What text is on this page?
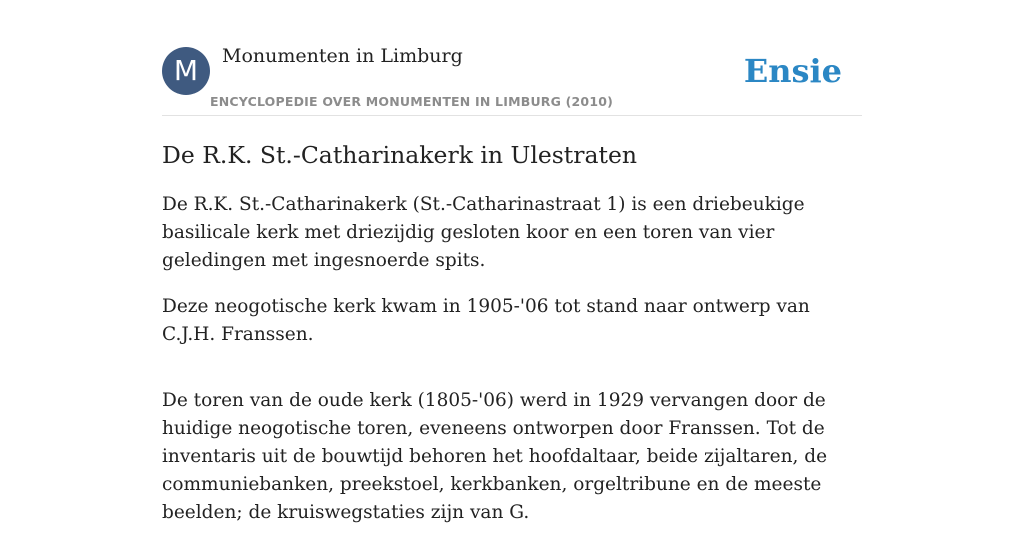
M	Monumenten in Limburg
ENCYCLOPEDIE OVER MONUMENTEN IN LIMBURG (2010)
Ensie
De R.K. St.-Catharinakerk in Ulestraten

De R.K. St.-Catharinakerk (St.-Catharinastraat 1) is een driebeukige basilicale kerk met driezijdig gesloten koor en een toren van vier geledingen met ingesnoerde spits.

Deze neogotische kerk kwam in 1905-'06 tot stand naar ontwerp van C.J.H. Franssen.

De toren van de oude kerk (1805-'06) werd in 1929 vervangen door de huidige neogotische toren, eveneens ontworpen door Franssen. Tot de inventaris uit de bouwtijd behoren het hoofdaltaar, beide zijaltaren, de communiebanken, preekstoel, kerkbanken, orgeltribune en de meeste beelden; de kruiswegstaties zijn van G.
